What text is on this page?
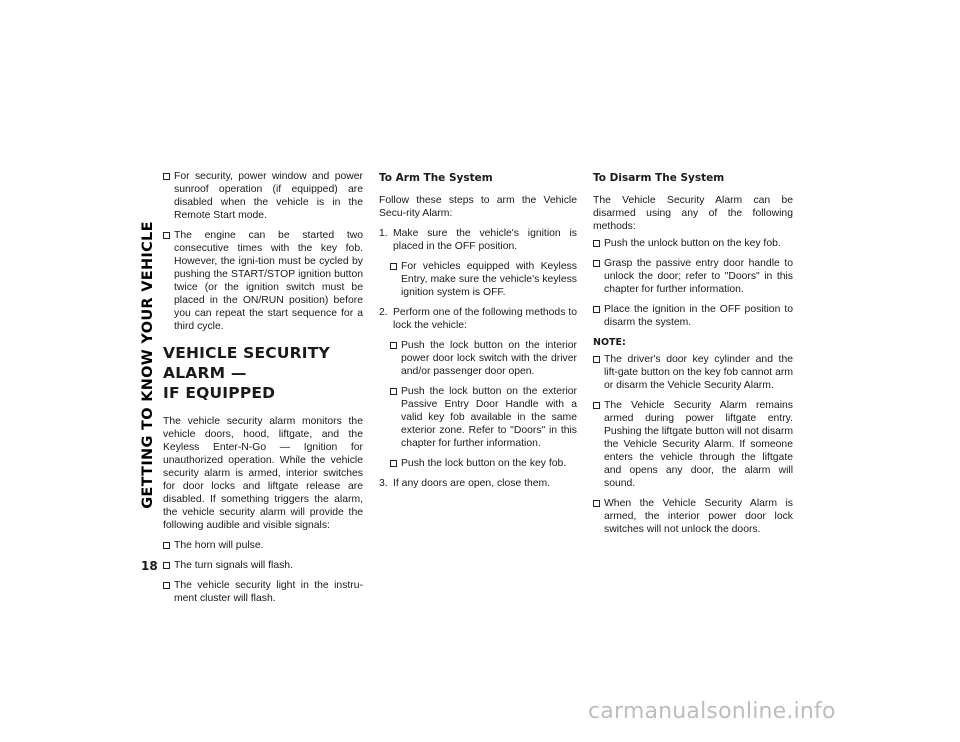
GETTING TO KNOW YOUR VEHICLE
18
For security, power window and power sunroof operation (if equipped) are disabled when the vehicle is in the Remote Start mode.
The engine can be started two consecutive times with the key fob. However, the igni-tion must be cycled by pushing the START/STOP ignition button twice (or the ignition switch must be placed in the ON/RUN position) before you can repeat the start sequence for a third cycle.
VEHICLE SECURITY ALARM —
IF EQUIPPED

The vehicle security alarm monitors the vehicle doors, hood, liftgate, and the Keyless Enter-N-Go — Ignition for unauthorized operation. While the vehicle security alarm is armed, interior switches for door locks and liftgate release are disabled. If something triggers the alarm, the vehicle security alarm will provide the following audible and visible signals:

The horn will pulse.
The turn signals will flash.
The vehicle security light in the instru-ment cluster will flash.
To Arm The System

Follow these steps to arm the Vehicle Secu-rity Alarm:

1. Make sure the vehicle's ignition is placed in the OFF position.
For vehicles equipped with Keyless Entry, make sure the vehicle's keyless ignition system is OFF.
2. Perform one of the following methods to lock the vehicle:
Push the lock button on the interior power door lock switch with the driver and/or passenger door open.
Push the lock button on the exterior Passive Entry Door Handle with a valid key fob available in the same exterior zone. Refer to "Doors" in this chapter for further information.
Push the lock button on the key fob.
3. If any doors are open, close them.
To Disarm The System

The Vehicle Security Alarm can be disarmed using any of the following methods:

Push the unlock button on the key fob.
Grasp the passive entry door handle to unlock the door; refer to "Doors" in this chapter for further information.
Place the ignition in the OFF position to disarm the system.
NOTE:
The driver's door key cylinder and the lift-gate button on the key fob cannot arm or disarm the Vehicle Security Alarm.
The Vehicle Security Alarm remains armed during power liftgate entry. Pushing the liftgate button will not disarm the Vehicle Security Alarm. If someone enters the vehicle through the liftgate and opens any door, the alarm will sound.
When the Vehicle Security Alarm is armed, the interior power door lock switches will not unlock the doors.
carmanualsonline.info
